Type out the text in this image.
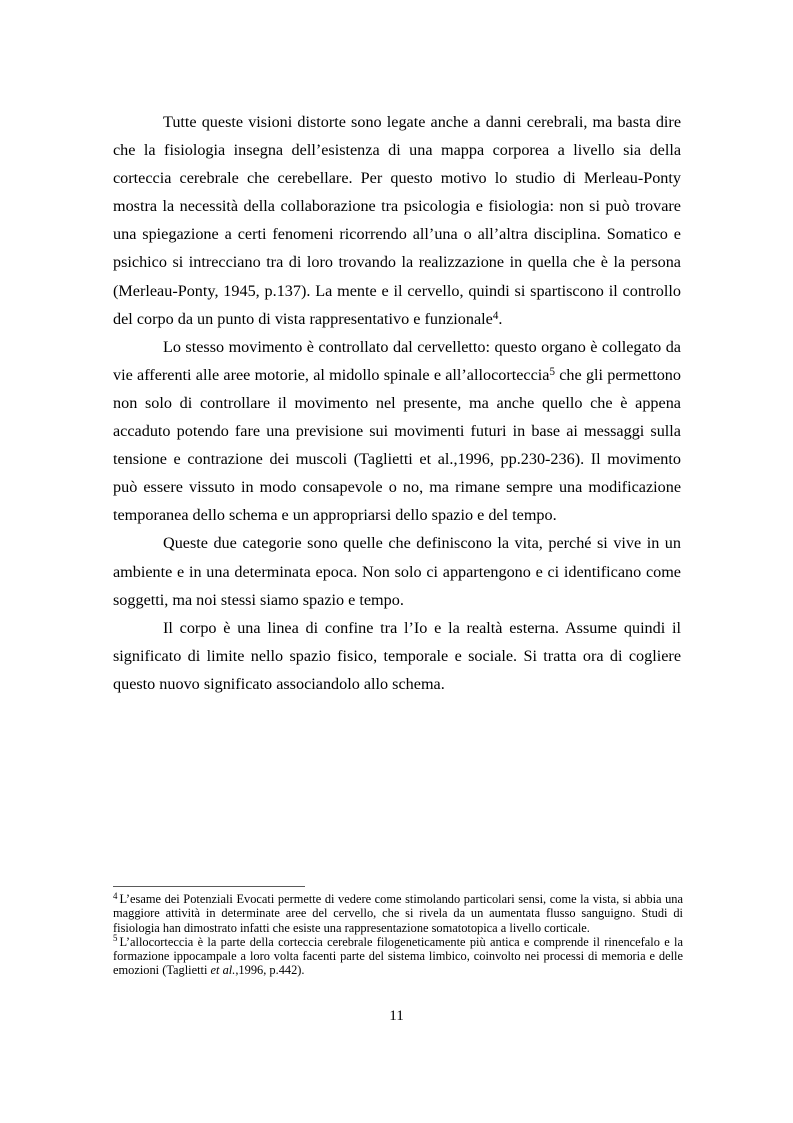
Tutte queste visioni distorte sono legate anche a danni cerebrali, ma basta dire che la fisiologia insegna dell’esistenza di una mappa corporea a livello sia della corteccia cerebrale che cerebellare. Per questo motivo lo studio di Merleau-Ponty mostra la necessità della collaborazione tra psicologia e fisiologia: non si può trovare una spiegazione a certi fenomeni ricorrendo all’una o all’altra disciplina. Somatico e psichico si intrecciano tra di loro trovando la realizzazione in quella che è la persona (Merleau-Ponty, 1945, p.137). La mente e il cervello, quindi si spartiscono il controllo del corpo da un punto di vista rappresentativo e funzionale$^4$.

Lo stesso movimento è controllato dal cervelletto: questo organo è collegato da vie afferenti alle aree motorie, al midollo spinale e all’allocorteccia$^5$ che gli permettono non solo di controllare il movimento nel presente, ma anche quello che è appena accaduto potendo fare una previsione sui movimenti futuri in base ai messaggi sulla tensione e contrazione dei muscoli (Taglietti et al.,1996, pp.230-236). Il movimento può essere vissuto in modo consapevole o no, ma rimane sempre una modificazione temporanea dello schema e un appropriarsi dello spazio e del tempo.

Queste due categorie sono quelle che definiscono la vita, perché si vive in un ambiente e in una determinata epoca. Non solo ci appartengono e ci identificano come soggetti, ma noi stessi siamo spazio e tempo.

Il corpo è una linea di confine tra l’Io e la realtà esterna. Assume quindi il significato di limite nello spazio fisico, temporale e sociale. Si tratta ora di cogliere questo nuovo significato associandolo allo schema.

$^4$ L’esame dei Potenziali Evocati permette di vedere come stimolando particolari sensi, come la vista, si abbia una maggiore attività in determinate aree del cervello, che si rivela da un aumentata flusso sanguigno. Studi di fisiologia han dimostrato infatti che esiste una rappresentazione somatotopica a livello corticale.

$^5$ L’allocorteccia è la parte della corteccia cerebrale filogeneticamente più antica e comprende il rinencefalo e la formazione ippocampale a loro volta facenti parte del sistema limbico, coinvolto nei processi di memoria e delle emozioni (Taglietti et al.,1996, p.442).

11
